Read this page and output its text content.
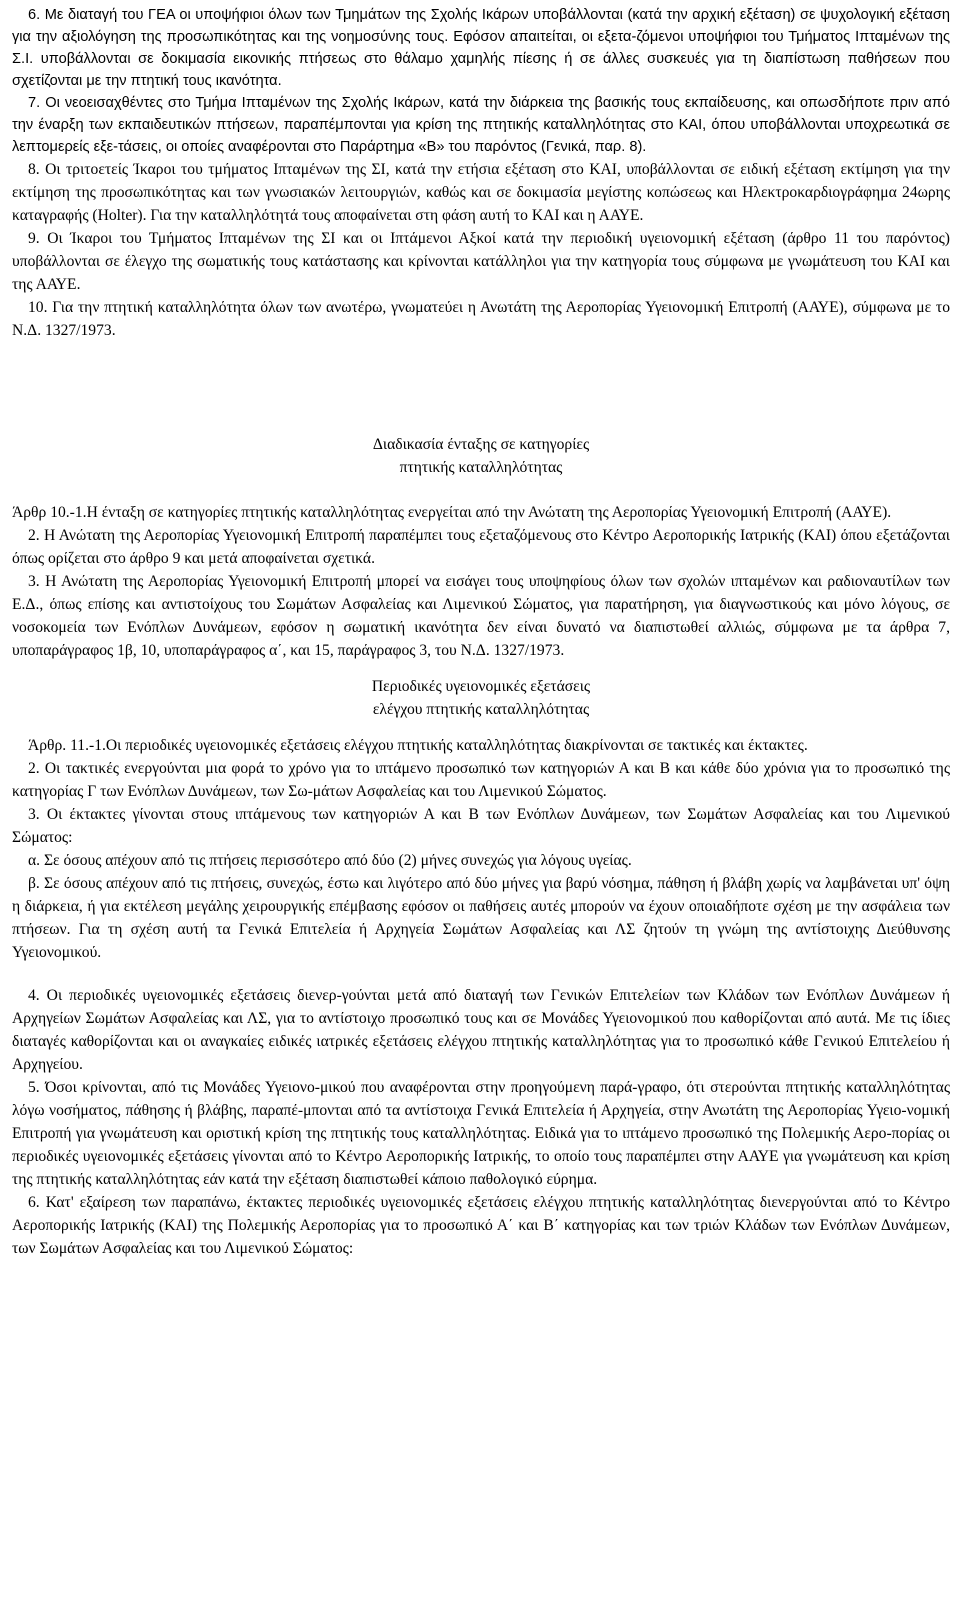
6. Με διαταγή του ΓΕΑ οι υποψήφιοι όλων των Τμημάτων της Σχολής Ικάρων υποβάλλονται (κατά την αρχική εξέταση) σε ψυχολογική εξέταση για την αξιολόγηση της προσωπικότητας και της νοημοσύνης τους. Εφόσον απαιτείται, οι εξετα-ζόμενοι υποψήφιοι του Τμήματος Ιπταμένων της Σ.Ι. υποβάλλονται σε δοκιμασία εικονικής πτήσεως στο θάλαμο χαμηλής πίεσης ή σε άλλες συσκευές για τη διαπίστωση παθήσεων που σχετίζονται με την πτητική τους ικανότητα.

7. Οι νεοεισαχθέντες στο Τμήμα Ιπταμένων της Σχολής Ικάρων, κατά την διάρκεια της βασικής τους εκπαίδευσης, και οπωσδήποτε πριν από την έναρξη των εκπαιδευτικών πτήσεων, παραπέμπονται για κρίση της πτητικής καταλληλότητας στο ΚΑΙ, όπου υποβάλλονται υποχρεωτικά σε λεπτομερείς εξε-τάσεις, οι οποίες αναφέρονται στο Παράρτημα «Β» του παρόντος (Γενικά, παρ. 8).

8. Οι τριτοετείς Ίκαροι του τμήματος Ιπταμένων της ΣΙ, κατά την ετήσια εξέταση στο ΚΑΙ, υποβάλλονται σε ειδική εξέταση εκτίμηση για την εκτίμηση της προσωπικότητας και των γνωσιακών λειτουργιών, καθώς και σε δοκιμασία μεγίστης κοπώσεως και Ηλεκτροκαρδιογράφημα 24ωρης καταγραφής (Holter). Για την καταλληλότητά τους αποφαίνεται στη φάση αυτή το ΚΑΙ και η ΑΑΥΕ.

9. Οι Ίκαροι του Τμήματος Ιπταμένων της ΣΙ και οι Ιπτάμενοι Αξκοί κατά την περιοδική υγειονομική εξέταση (άρθρο 11 του παρόντος) υποβάλλονται σε έλεγχο της σωματικής τους κατάστασης και κρίνονται κατάλληλοι για την κατηγορία τους σύμφωνα με γνωμάτευση του ΚΑΙ και της ΑΑΥΕ.

10. Για την πτητική καταλληλότητα όλων των ανωτέρω, γνωματεύει η Ανωτάτη της Αεροπορίας Υγειονομική Επιτροπή (ΑΑΥΕ), σύμφωνα με το Ν.Δ. 1327/1973.

Διαδικασία ένταξης σε κατηγορίες
πτητικής καταλληλότητας

Άρθρ 10.-1.Η ένταξη σε κατηγορίες πτητικής καταλληλότητας ενεργείται από την Ανώτατη της Αεροπορίας Υγειονομική Επιτροπή (ΑΑΥΕ).

2. Η Ανώτατη της Αεροπορίας Υγειονομική Επιτροπή παραπέμπει τους εξεταζόμενους στο Κέντρο Αεροπορικής Ιατρικής (ΚΑΙ) όπου εξετάζονται όπως ορίζεται στο άρθρο 9 και μετά αποφαίνεται σχετικά.

3. Η Ανώτατη της Αεροπορίας Υγειονομική Επιτροπή μπορεί να εισάγει τους υποψηφίους όλων των σχολών ιπταμένων και ραδιοναυτίλων των Ε.Δ., όπως επίσης και αντιστοίχους του Σωμάτων Ασφαλείας και Λιμενικού Σώματος, για παρατήρηση, για διαγνωστικούς και μόνο λόγους, σε νοσοκομεία των Ενόπλων Δυνάμεων, εφόσον η σωματική ικανότητα δεν είναι δυνατό να διαπιστωθεί αλλιώς, σύμφωνα με τα άρθρα 7, υποπαράγραφος 1β, 10, υποπαράγραφος α΄, και 15, παράγραφος 3, του Ν.Δ. 1327/1973.

Περιοδικές υγειονομικές εξετάσεις
ελέγχου πτητικής καταλληλότητας

Άρθρ. 11.-1.Οι περιοδικές υγειονομικές εξετάσεις ελέγχου πτητικής καταλληλότητας διακρίνονται σε τακτικές και έκτακτες.

2. Οι τακτικές ενεργούνται μια φορά το χρόνο για το ιπτάμενο προσωπικό των κατηγοριών Α και Β και κάθε δύο χρόνια για το προσωπικό της κατηγορίας Γ των Ενόπλων Δυνάμεων, των Σω-μάτων Ασφαλείας και του Λιμενικού Σώματος.

3. Οι έκτακτες γίνονται στους ιπτάμενους των κατηγοριών Α και Β των Ενόπλων Δυνάμεων, των Σωμάτων Ασφαλείας και του Λιμενικού Σώματος:

α. Σε όσους απέχουν από τις πτήσεις περισσότερο από δύο (2) μήνες συνεχώς για λόγους υγείας.

β. Σε όσους απέχουν από τις πτήσεις, συνεχώς, έστω και λιγότερο από δύο μήνες για βαρύ νόσημα, πάθηση ή βλάβη χωρίς να λαμβάνεται υπ' όψη η διάρκεια, ή για εκτέλεση μεγάλης χειρουργικής επέμβασης εφόσον οι παθήσεις αυτές μπορούν να έχουν οποιαδήποτε σχέση με την ασφάλεια των πτήσεων. Για τη σχέση αυτή τα Γενικά Επιτελεία ή Αρχηγεία Σωμάτων Ασφαλείας και ΛΣ ζητούν τη γνώμη της αντίστοιχης Διεύθυνσης Υγειονομικού.

4. Οι περιοδικές υγειονομικές εξετάσεις διενερ-γούνται μετά από διαταγή των Γενικών Επιτελείων των Κλάδων των Ενόπλων Δυνάμεων ή Αρχηγείων Σωμάτων Ασφαλείας και ΛΣ, για το αντίστοιχο προσωπικό τους και σε Μονάδες Υγειονομικού που καθορίζονται από αυτά. Με τις ίδιες διαταγές καθορίζονται και οι αναγκαίες ειδικές ιατρικές εξετάσεις ελέγχου πτητικής καταλληλότητας για το προσωπικό κάθε Γενικού Επιτελείου ή Αρχηγείου.

5. Όσοι κρίνονται, από τις Μονάδες Υγειονο-μικού που αναφέρονται στην προηγούμενη παρά-γραφο, ότι στερούνται πτητικής καταλληλότητας λόγω νοσήματος, πάθησης ή βλάβης, παραπέ-μπονται από τα αντίστοιχα Γενικά Επιτελεία ή Αρχηγεία, στην Ανωτάτη της Αεροπορίας Υγειο-νομική Επιτροπή για γνωμάτευση και οριστική κρίση της πτητικής τους καταλληλότητας. Ειδικά για το ιπτάμενο προσωπικό της Πολεμικής Αερο-πορίας οι περιοδικές υγειονομικές εξετάσεις γίνονται από το Κέντρο Αεροπορικής Ιατρικής, το οποίο τους παραπέμπει στην ΑΑΥΕ για γνωμάτευση και κρίση της πτητικής καταλληλότητας εάν κατά την εξέταση διαπιστωθεί κάποιο παθολογικό εύρημα.

6. Κατ' εξαίρεση των παραπάνω, έκτακτες περιοδικές υγειονομικές εξετάσεις ελέγχου πτητικής καταλληλότητας διενεργούνται από το Κέντρο Αεροπορικής Ιατρικής (ΚΑΙ) της Πολεμικής Αεροπορίας για το προσωπικό Α΄ και Β΄ κατηγορίας και των τριών Κλάδων των Ενόπλων Δυνάμεων, των Σωμάτων Ασφαλείας και του Λιμενικού Σώματος:
